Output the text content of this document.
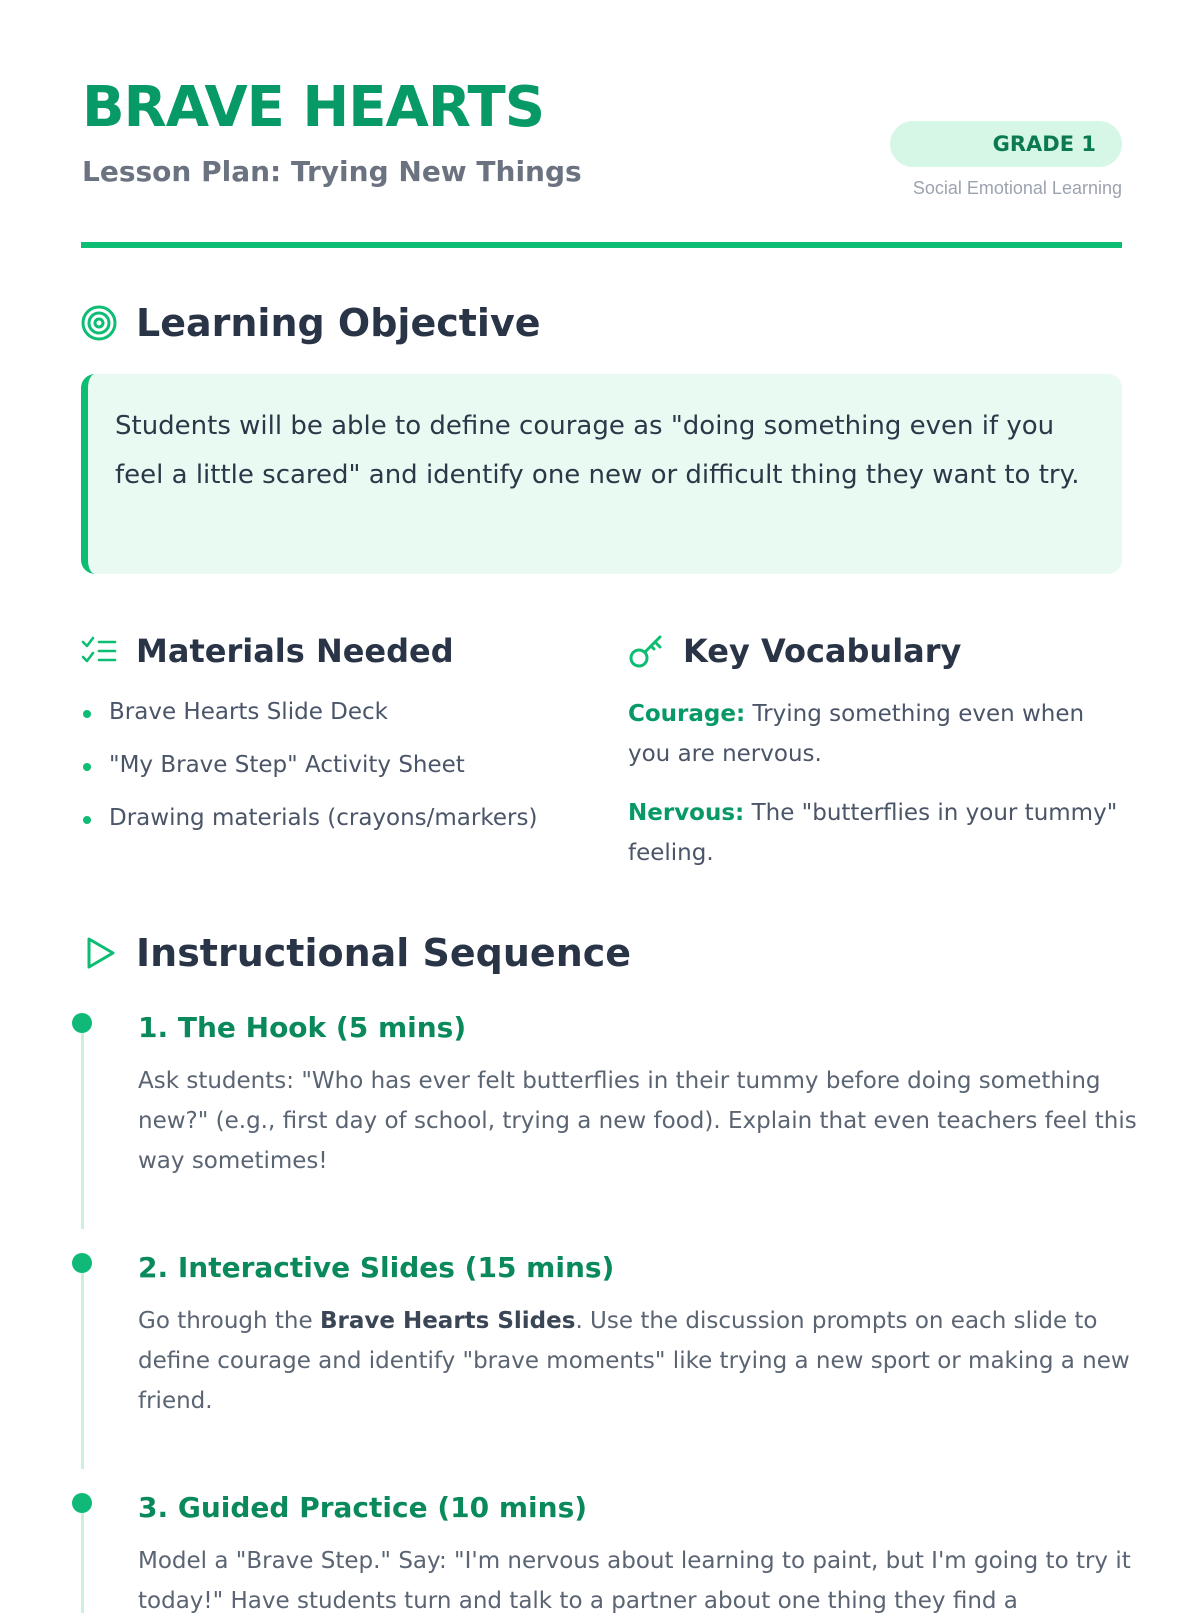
BRAVE HEARTS

Lesson Plan: Trying New Things

GRADE 1
Social Emotional Learning
Learning Objective

Students will be able to define courage as "doing something even if you feel a little scared" and identify one new or difficult thing they want to try.

Materials Needed
Brave Hearts Slide Deck
"My Brave Step" Activity Sheet
Drawing materials (crayons/markers)
Key Vocabulary

Courage: Trying something even when you are nervous.

Nervous: The "butterflies in your tummy" feeling.

Instructional Sequence
1. The Hook (5 mins)

Ask students: "Who has ever felt butterflies in their tummy before doing something new?" (e.g., first day of school, trying a new food). Explain that even teachers feel this way sometimes!

2. Interactive Slides (15 mins)

Go through the Brave Hearts Slides. Use the discussion prompts on each slide to define courage and identify "brave moments" like trying a new sport or making a new friend.

3. Guided Practice (10 mins)

Model a "Brave Step." Say: "I'm nervous about learning to paint, but I'm going to try it today!" Have students turn and talk to a partner about one thing they find a
